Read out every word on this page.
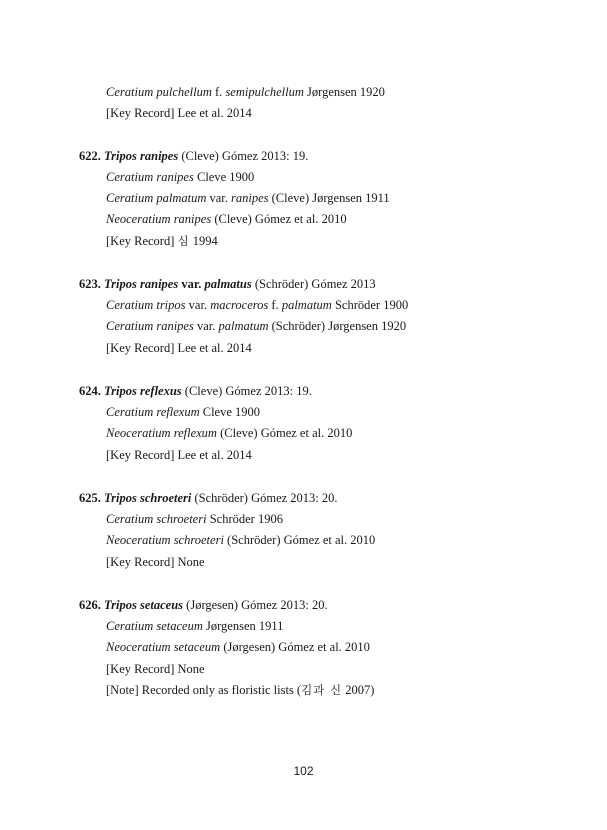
Ceratium pulchellum f. semipulchellum Jørgensen 1920
[Key Record] Lee et al. 2014
622. Tripos ranipes (Cleve) Gómez 2013: 19.
Ceratium ranipes Cleve 1900
Ceratium palmatum var. ranipes (Cleve) Jørgensen 1911
Neoceratium ranipes (Cleve) Gómez et al. 2010
[Key Record] 심 1994
623. Tripos ranipes var. palmatus (Schröder) Gómez 2013
Ceratium tripos var. macroceros f. palmatum Schröder 1900
Ceratium ranipes var. palmatum (Schröder) Jørgensen 1920
[Key Record] Lee et al. 2014
624. Tripos reflexus (Cleve) Gómez 2013: 19.
Ceratium reflexum Cleve 1900
Neoceratium reflexum (Cleve) Gómez et al. 2010
[Key Record] Lee et al. 2014
625. Tripos schroeteri (Schröder) Gómez 2013: 20.
Ceratium schroeteri Schröder 1906
Neoceratium schroeteri (Schröder) Gómez et al. 2010
[Key Record] None
626. Tripos setaceus (Jørgesen) Gómez 2013: 20.
Ceratium setaceum Jørgensen 1911
Neoceratium setaceum (Jørgesen) Gómez et al. 2010
[Key Record] None
[Note] Recorded only as floristic lists (김과 신 2007)
102
